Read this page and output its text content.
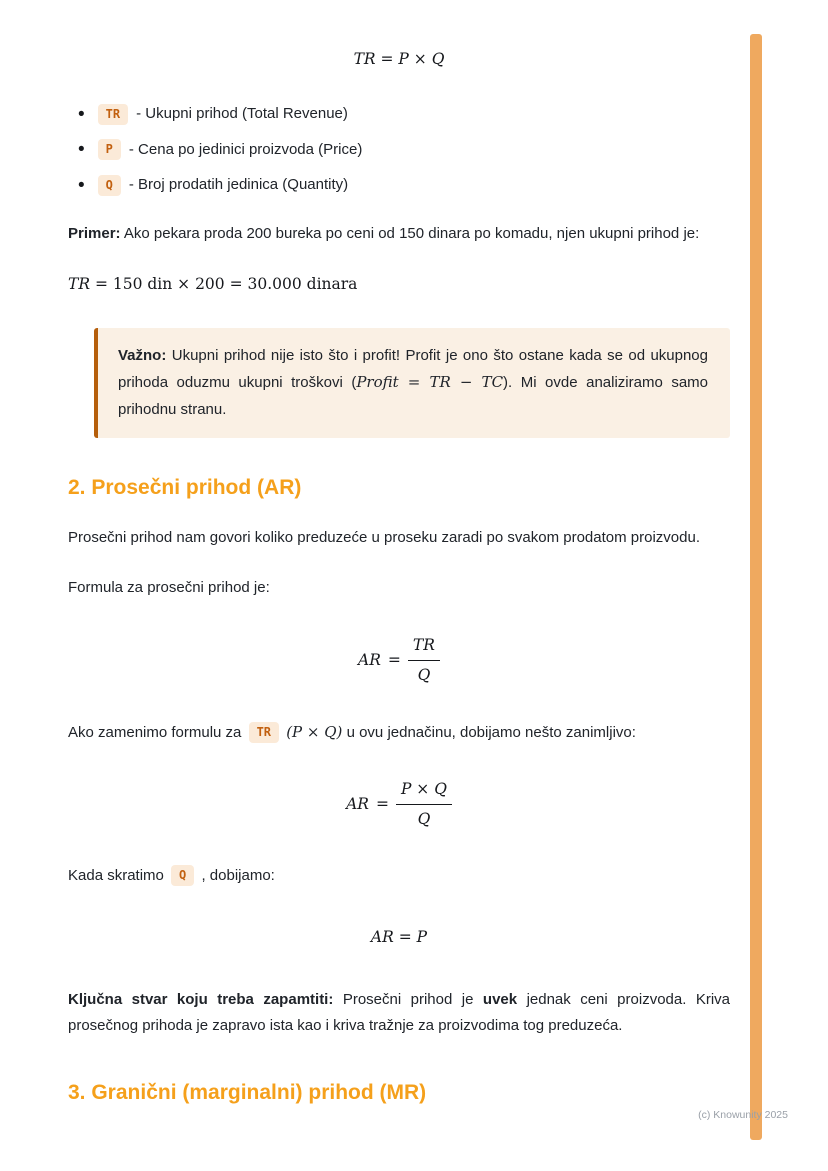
TR = P × Q
•	TR	- Ukupni prihod (Total Revenue)
•	P	- Cena po jedinici proizvoda (Price)
•	Q	- Broj prodatih jedinica (Quantity)

Primer: Ako pekara proda 200 bureka po ceni od 150 dinara po komadu, njen ukupni prihod je:

TR = 150 din × 200 = 30.000 dinara
Važno: Ukupni prihod nije isto što i profit! Profit je ono što ostane kada se od ukupnog prihoda oduzmu ukupni troškovi (Profit = TR − TC). Mi ovde analiziramo samo prihodnu stranu.
2. Prosečni prihod (AR)

Prosečni prihod nam govori koliko preduzeće u proseku zaradi po svakom prodatom proizvodu.

Formula za prosečni prihod je:

AR = $\frac{TR}{Q}$

Ako zamenimo formulu za TR (P × Q) u ovu jednačinu, dobijamo nešto zanimljivo:

AR = $\frac{P \times Q}{Q}$

Kada skratimo Q , dobijamo:

AR = P

Ključna stvar koju treba zapamtiti: Prosečni prihod je uvek jednak ceni proizvoda. Kriva prosečnog prihoda je zapravo ista kao i kriva tražnje za proizvodima tog preduzeća.

3. Granični (marginalni) prihod (MR)
(c) Knowunity 2025
